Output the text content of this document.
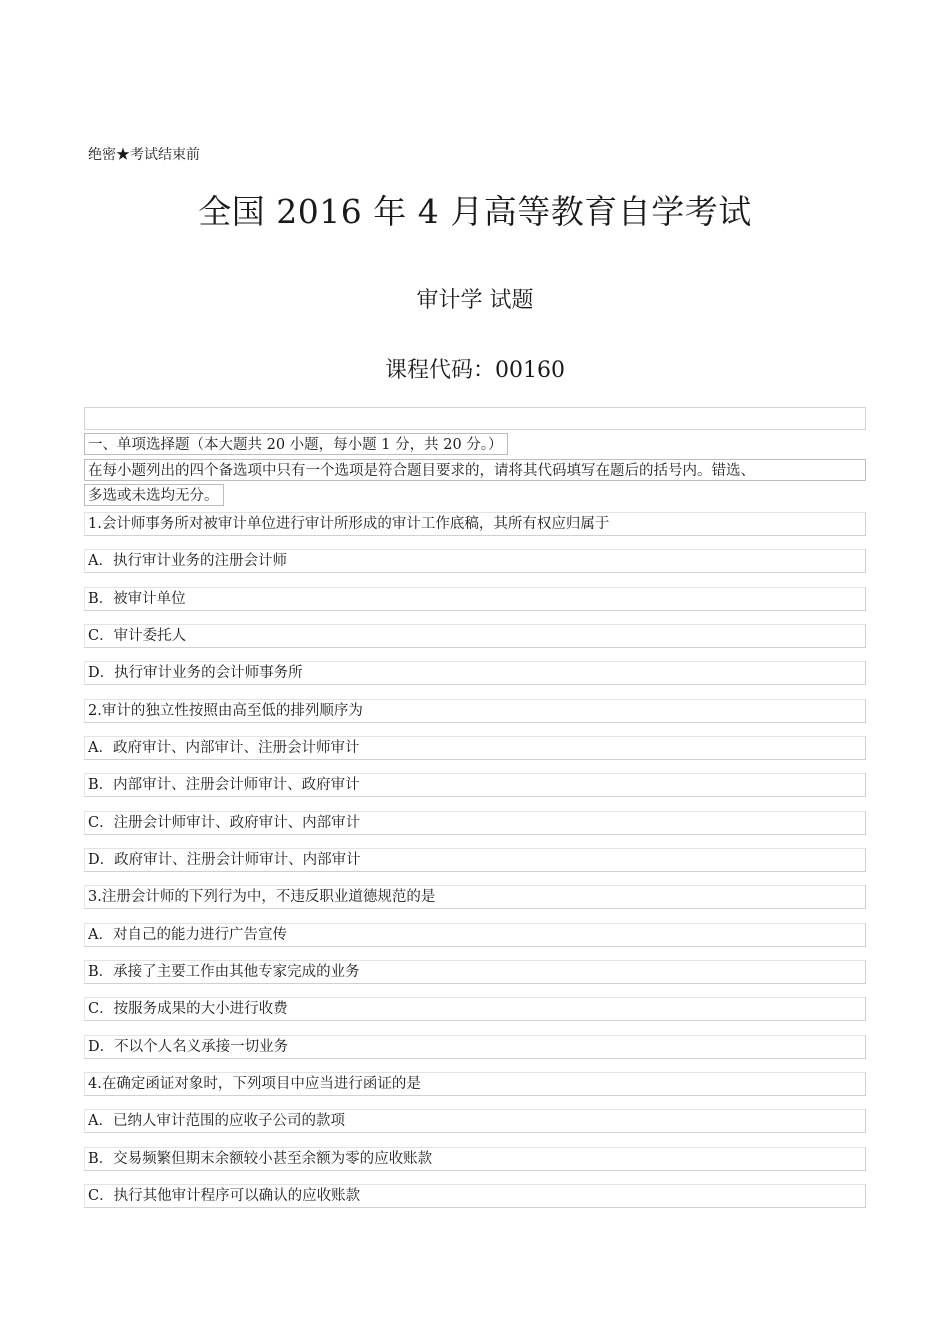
绝密★考试结束前
全国 2016 年 4 月高等教育自学考试
审计学 试题
课程代码：00160
一、单项选择题（本大题共 20 小题，每小题 1 分，共 20 分。）
在每小题列出的四个备选项中只有一个选项是符合题目要求的，请将其代码填写在题后的括号内。错选、
多选或未选均无分。
1.会计师事务所对被审计单位进行审计所形成的审计工作底稿，其所有权应归属于
A．执行审计业务的注册会计师
B．被审计单位
C．审计委托人
D．执行审计业务的会计师事务所
2.审计的独立性按照由高至低的排列顺序为
A．政府审计、内部审计、注册会计师审计
B．内部审计、注册会计师审计、政府审计
C．注册会计师审计、政府审计、内部审计
D．政府审计、注册会计师审计、内部审计
3.注册会计师的下列行为中，不违反职业道德规范的是
A．对自己的能力进行广告宣传
B．承接了主要工作由其他专家完成的业务
C．按服务成果的大小进行收费
D．不以个人名义承接一切业务
4.在确定函证对象时，下列项目中应当进行函证的是
A．已纳人审计范围的应收子公司的款项
B．交易频繁但期末余额较小甚至余额为零的应收账款
C．执行其他审计程序可以确认的应收账款
